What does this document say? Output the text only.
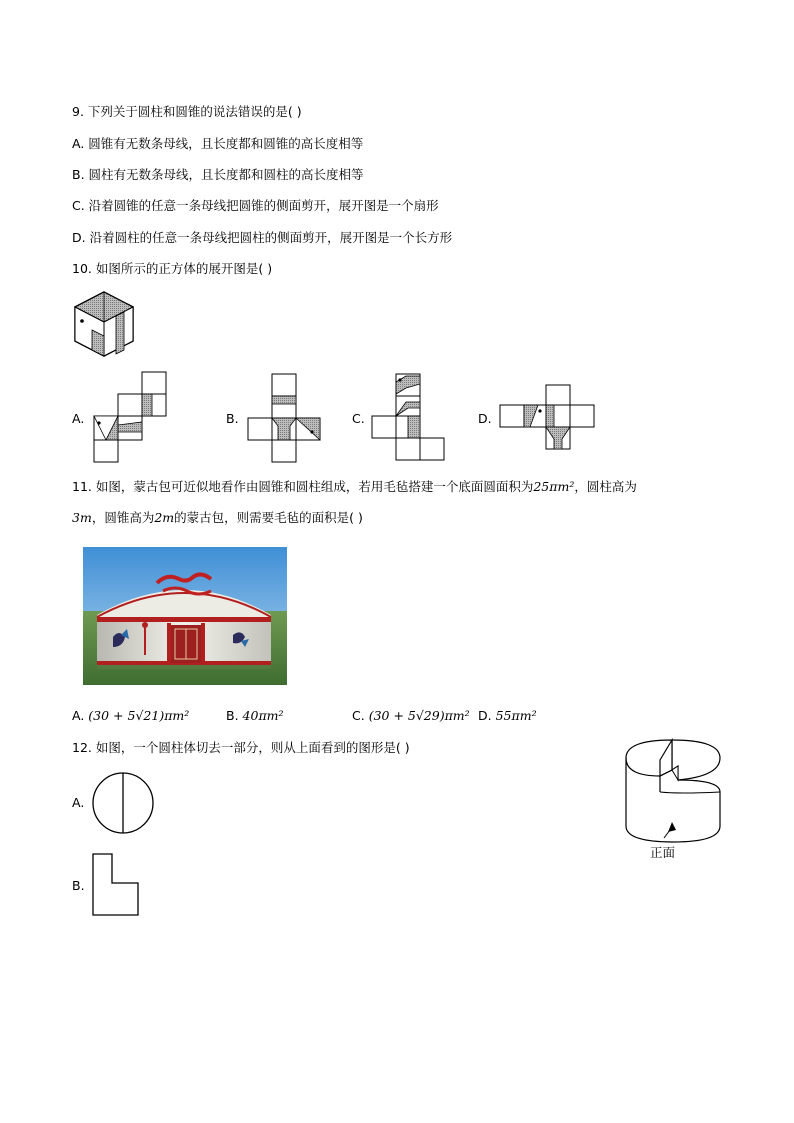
9. 下列关于圆柱和圆锥的说法错误的是( )
A. 圆锥有无数条母线，且长度都和圆锥的高长度相等
B. 圆柱有无数条母线，且长度都和圆柱的高长度相等
C. 沿着圆锥的任意一条母线把圆锥的侧面剪开，展开图是一个扇形
D. 沿着圆柱的任意一条母线把圆柱的侧面剪开，展开图是一个长方形
10. 如图所示的正方体的展开图是( )
A.	B.	C.	D.
11. 如图，蒙古包可近似地看作由圆锥和圆柱组成，若用毛毡搭建一个底面圆面积为25πm²，圆柱高为
3m，圆锥高为2m的蒙古包，则需要毛毡的面积是( )
A. (30 + 5√21)πm²	B. 40πm²	C. (30 + 5√29)πm² D. 55πm²
12. 如图，一个圆柱体切去一部分，则从上面看到的图形是( )
正面
A.
B.
